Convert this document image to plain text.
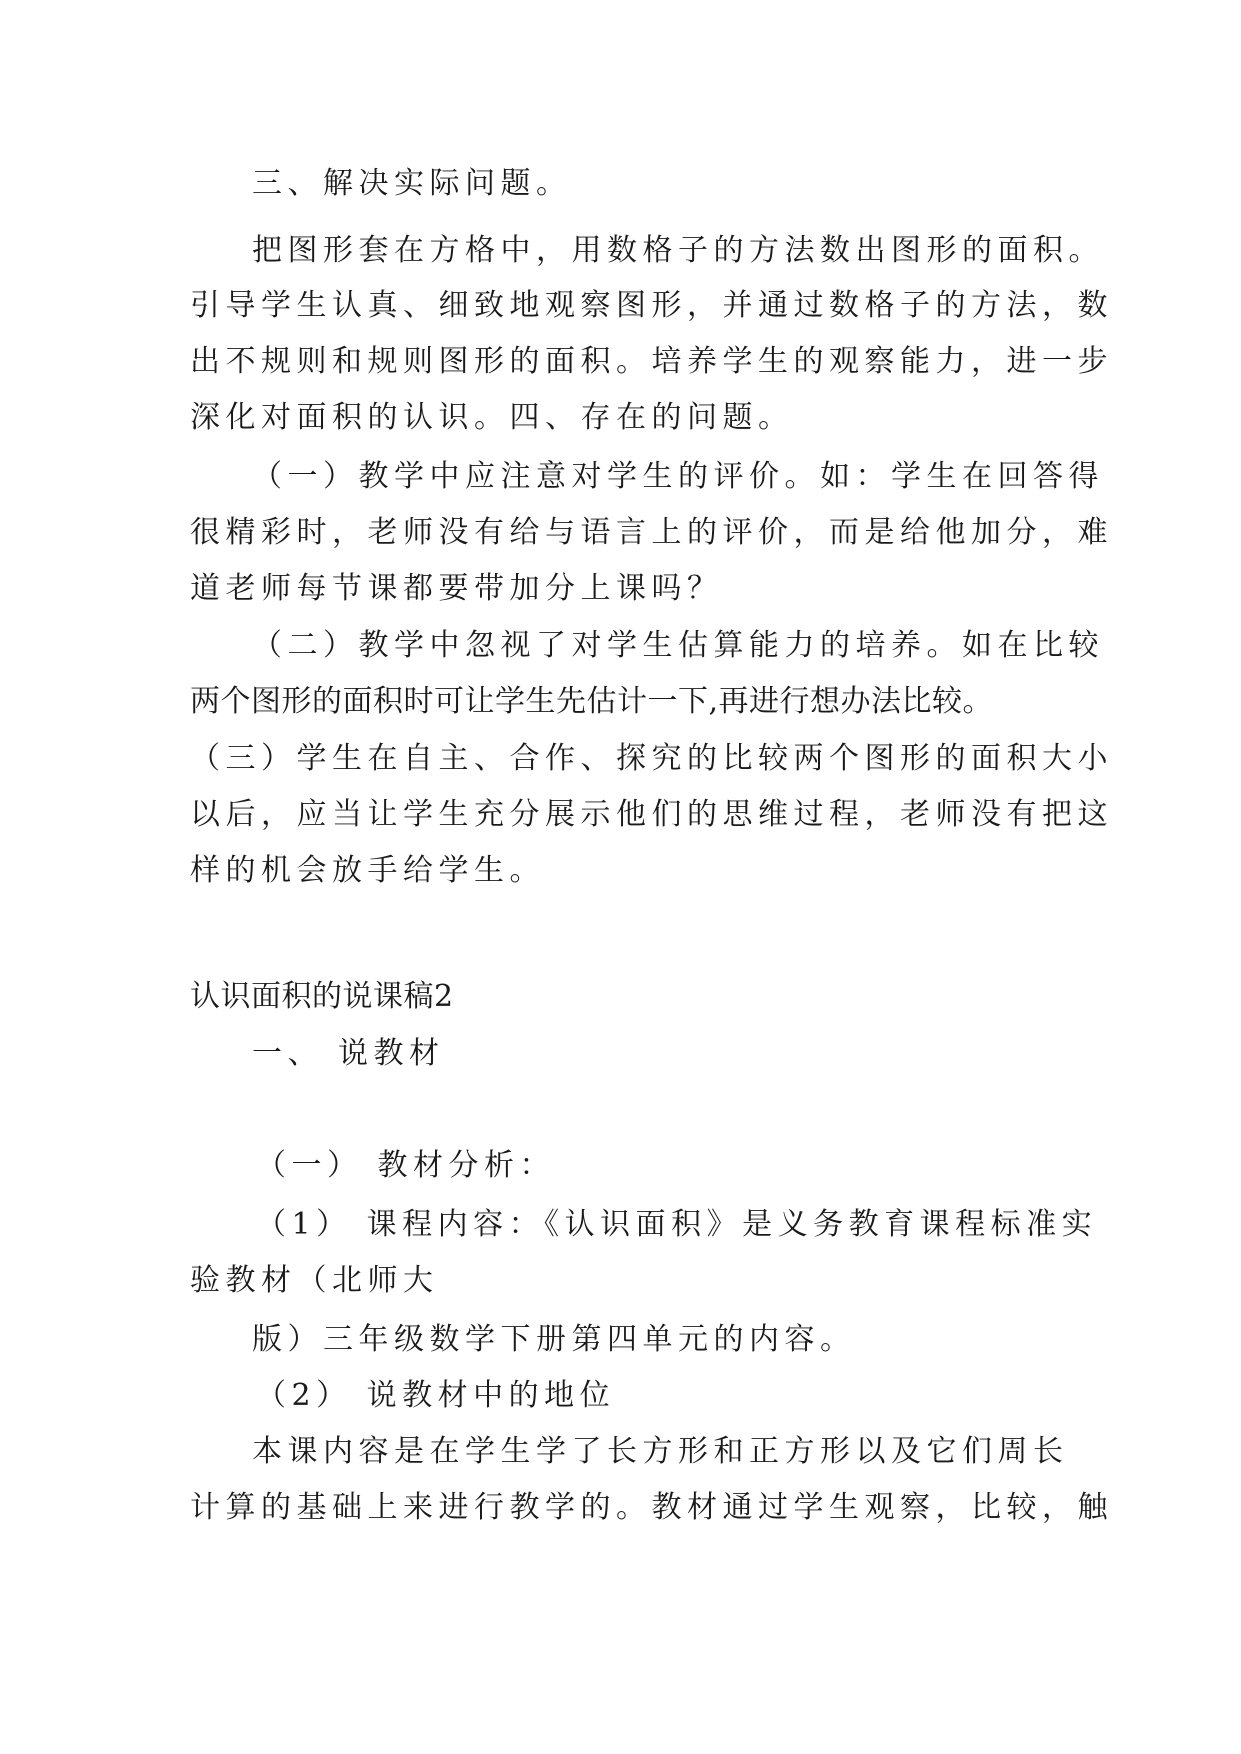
三、解决实际问题。
把图形套在方格中，用数格子的方法数出图形的面积。
引导学生认真、细致地观察图形，并通过数格子的方法，数
出不规则和规则图形的面积。培养学生的观察能力，进一步
深化对面积的认识。四、存在的问题。
（一）教学中应注意对学生的评价。如：学生在回答得
很精彩时，老师没有给与语言上的评价，而是给他加分，难
道老师每节课都要带加分上课吗？
（二）教学中忽视了对学生估算能力的培养。如在比较
两个图形的面积时可让学生先估计一下,再进行想办法比较。
（三）学生在自主、合作、探究的比较两个图形的面积大小
以后，应当让学生充分展示他们的思维过程，老师没有把这
样的机会放手给学生。
认识面积的说课稿2
一、 说教材
（一） 教材分析：
（1） 课程内容：《认识面积》是义务教育课程标准实
验教材（北师大
版）三年级数学下册第四单元的内容。
（2） 说教材中的地位
本课内容是在学生学了长方形和正方形以及它们周长
计算的基础上来进行教学的。教材通过学生观察，比较，触
